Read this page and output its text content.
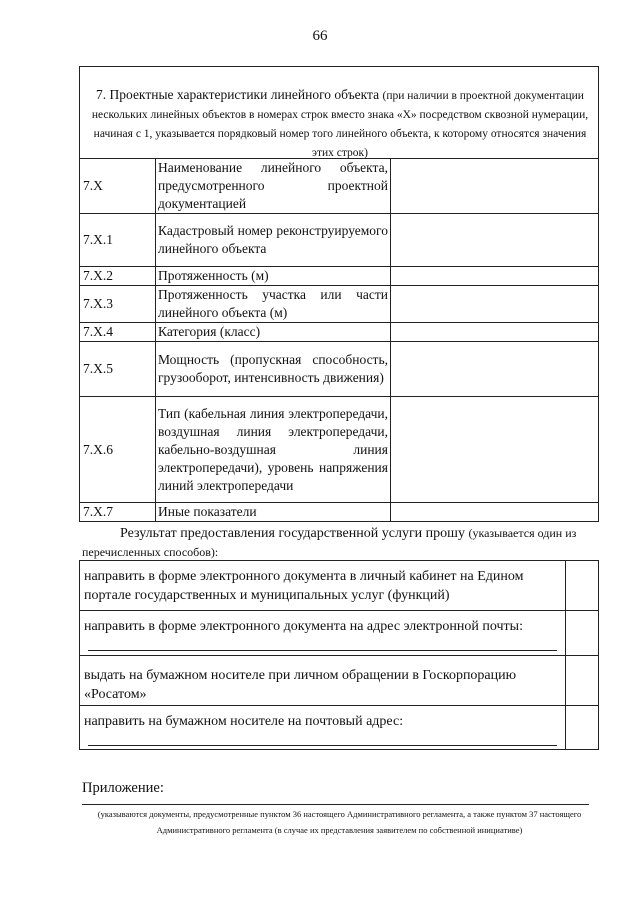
66
7. Проектные характеристики линейного объекта (при наличии в проектной документации нескольких линейных объектов в номерах строк вместо знака «Х» посредством сквозной нумерации, начиная с 1, указывается порядковый номер того линейного объекта, к которому относятся значения этих строк)
7.Х	Наименование линейного объекта, предусмотренного проектной документацией	
7.Х.1	Кадастровый номер реконструируемого линейного объекта	
7.Х.2	Протяженность (м)	
7.Х.3	Протяженность участка или части линейного объекта (м)	
7.Х.4	Категория (класс)	
7.Х.5	Мощность (пропускная способность, грузооборот, интенсивность движения)	
7.Х.6	Тип (кабельная линия электропередачи, воздушная линия электропередачи, кабельно-воздушная линия электропередачи), уровень напряжения линий электропередачи	
7.Х.7	Иные показатели	
Результат предоставления государственной услуги прошу (указывается один из перечисленных способов):
направить в форме электронного документа в личный кабинет на Едином портале государственных и муниципальных услуг (функций)	

направить в форме электронного документа на адрес электронной почты:	

выдать на бумажном носителе при личном обращении в Госкорпорацию «Росатом»	

направить на бумажном носителе на почтовый адрес:	

Приложение:
(указываются документы, предусмотренные пунктом 36 настоящего Административного регламента, а также пунктом 37 настоящего
Административного регламента (в случае их представления заявителем по собственной инициативе)
